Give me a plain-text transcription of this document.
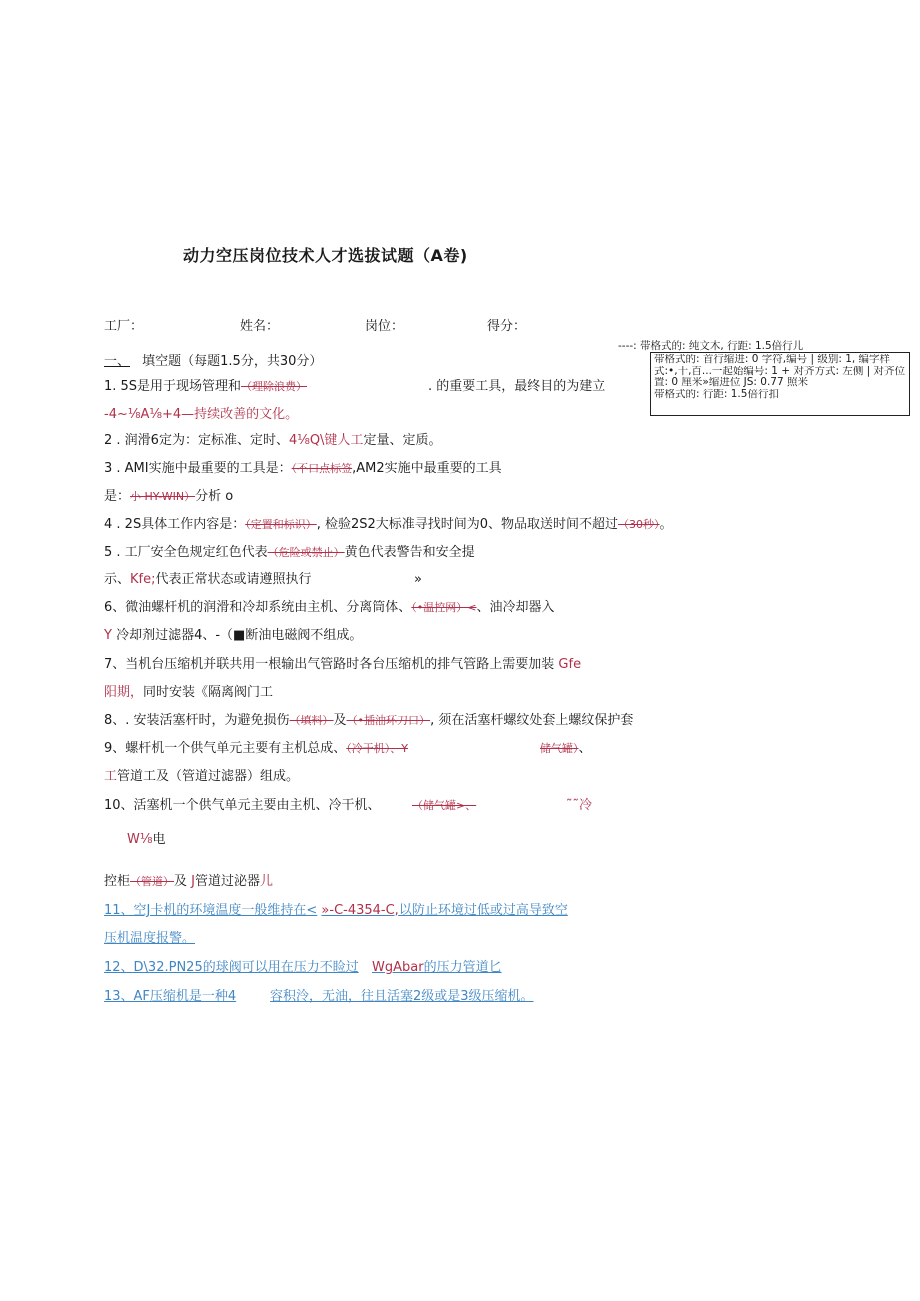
动力空压岗位技术人才选拔试题（A卷)
工厂：	姓名：	岗位：	得分：
----: 带格式的: 纯文木, 行距: 1.5倍行儿
带格式的: 首行缩进: 0 字符,编号 | 级别: 1, 编字样
式:•,十,百...一起始编号: 1 + 对齐方式: 左侧 | 对齐位
置: 0 厘米»缩进位 JS: 0.77 照米
带格式的: 行距: 1.5倍行扣
一、 填空题（每题1.5分，共30分）
1. 5S是用于现场管理和（理除浪费）	. 的重要工具，最终目的为建立
-4~⅛A⅛+4—持续改善的文化。
2 . 润滑6定为：定标准、定时、4⅛Q\键人工定量、定质。
3 . AMI实施中最重要的工具是：（不口点标签,AM2实施中最重要的工具
是：小 HY-WIN）分析 o
4 . 2S具体工作内容是：（定置和标识）, 检验2S2大标准寻找时间为0、物品取送时间不超过（30秒）。
5 . 工厂安全色规定红色代表（危险或禁止）黄色代表警告和安全提
示、Kfe;代表正常状态或请遵照执行	»
6、微油螺杆机的润滑和冷却系统由主机、分离筒体、（•温控网）<、油冷却器入
Y 冷却剂过滤器4、-（■断油电磁阀不组成。
7、当机台压缩机并联共用一根输出气管路时各台压缩机的排气管路上需要加装 Gfe
阳期，同时安装《隔离阀门工
8、. 安装活塞杆时，为避免损伤（填料）及（•插油环刀口）, 须在活塞杆螺纹处套上螺纹保护套
9、螺杆机一个供气单元主要有主机总成、（冷干机）、Y	储气罐）、
工管道工及（管道过滤器）组成。
10、活塞机一个供气单元主要由主机、冷干机、	（储气罐>、	˜˜冷
W⅛电
控柜（管道）及 J管道过泌器儿
11、空J卡机的环境温度一般维持在< »-C-4354-C,以防止环境过低或过高导致空
压机温度报警。
12、D\32.PN25的球阀可以用在压力不睑过 WgAbar的压力管道匕
13、AF压缩机是一种4	容积泠，无油，往且活塞2级或是3级压缩机。
